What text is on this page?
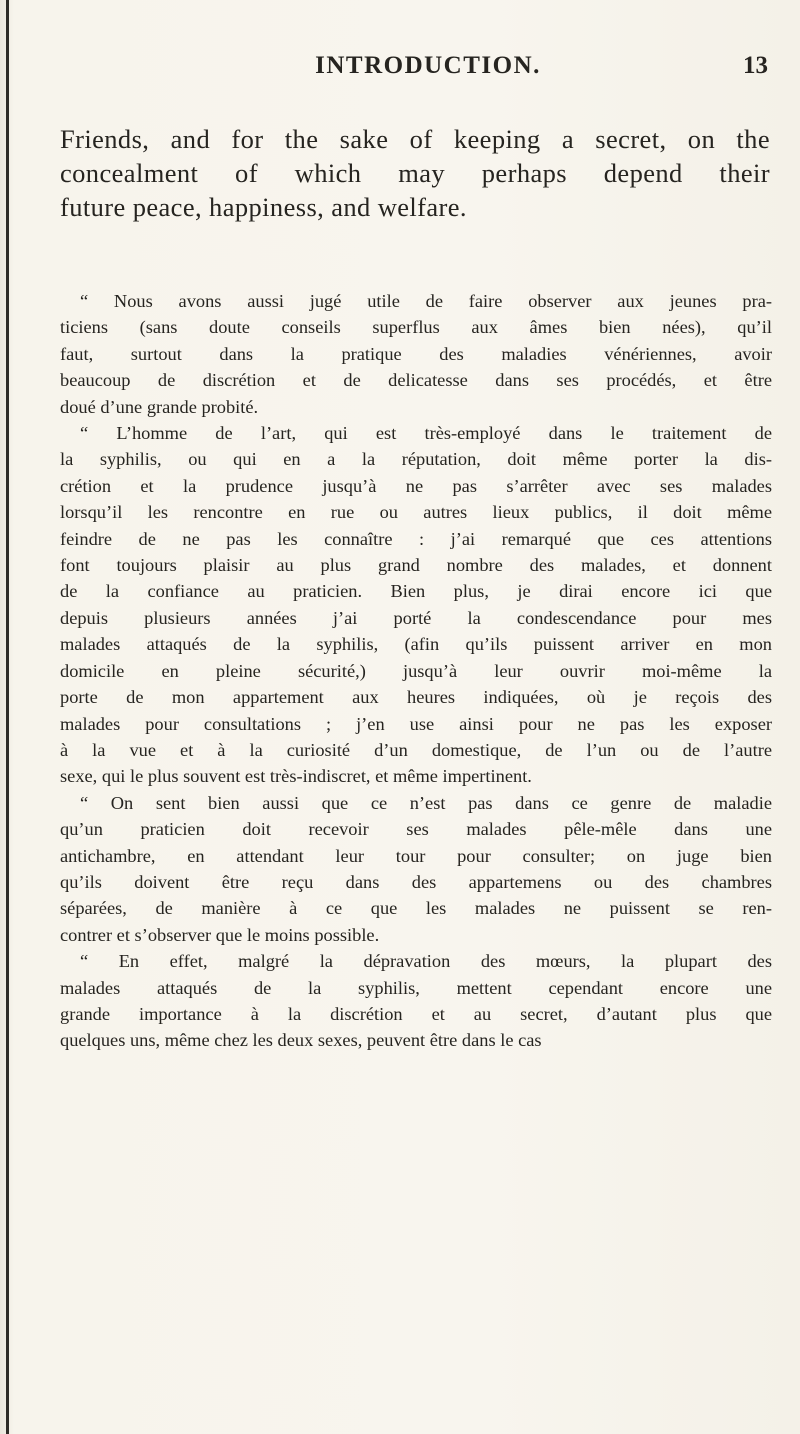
INTRODUCTION.	13
Friends, and for the sake of keeping a secret, on the
concealment of which may perhaps depend their
future peace, happiness, and welfare.

“ Nous avons aussi jugé utile de faire observer aux jeunes pra-
ticiens (sans doute conseils superflus aux âmes bien nées), qu’il
faut, surtout dans la pratique des maladies vénériennes, avoir
beaucoup de discrétion et de delicatesse dans ses procédés, et être
doué d’une grande probité.

“ L’homme de l’art, qui est très-employé dans le traitement de
la syphilis, ou qui en a la réputation, doit même porter la dis-
crétion et la prudence jusqu’à ne pas s’arrêter avec ses malades
lorsqu’il les rencontre en rue ou autres lieux publics, il doit même
feindre de ne pas les connaître : j’ai remarqué que ces attentions
font toujours plaisir au plus grand nombre des malades, et donnent
de la confiance au praticien. Bien plus, je dirai encore ici que
depuis plusieurs années j’ai porté la condescendance pour mes
malades attaqués de la syphilis, (afin qu’ils puissent arriver en mon
domicile en pleine sécurité,) jusqu’à leur ouvrir moi-même la
porte de mon appartement aux heures indiquées, où je reçois des
malades pour consultations ; j’en use ainsi pour ne pas les exposer
à la vue et à la curiosité d’un domestique, de l’un ou de l’autre
sexe, qui le plus souvent est très-indiscret, et même impertinent.

“ On sent bien aussi que ce n’est pas dans ce genre de maladie
qu’un praticien doit recevoir ses malades pêle-mêle dans une
antichambre, en attendant leur tour pour consulter; on juge bien
qu’ils doivent être reçu dans des appartemens ou des chambres
séparées, de manière à ce que les malades ne puissent se ren-
contrer et s’observer que le moins possible.

“ En effet, malgré la dépravation des mœurs, la plupart des
malades attaqués de la syphilis, mettent cependant encore une
grande importance à la discrétion et au secret, d’autant plus que
quelques uns, même chez les deux sexes, peuvent être dans le cas
